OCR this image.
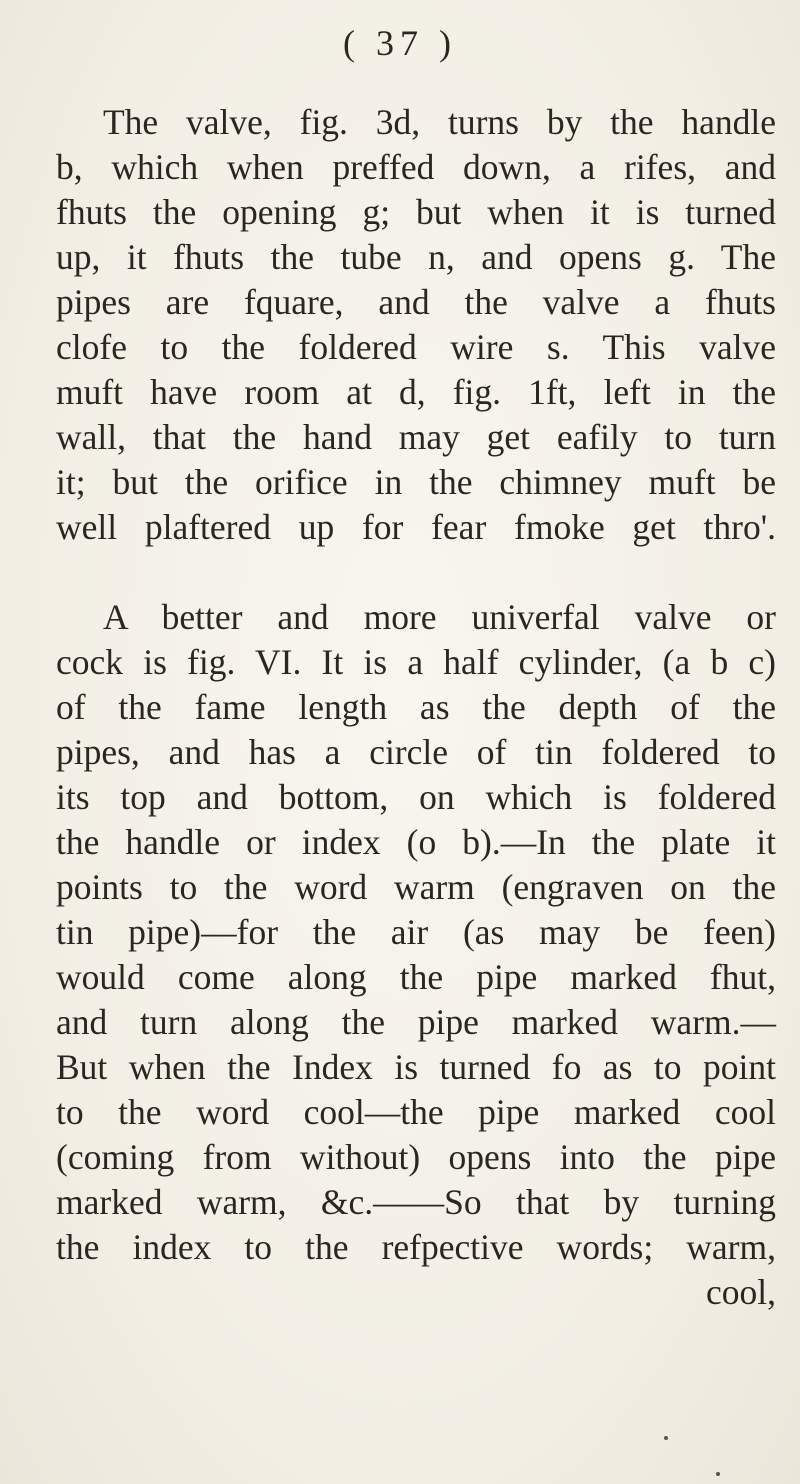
( 37 )
The valve, fig. 3d, turns by the handle
b, which when preffed down, a rifes, and
fhuts the opening g; but when it is turned
up, it fhuts the tube n, and opens g. The
pipes are fquare, and the valve a fhuts
clofe to the foldered wire s. This valve
muft have room at d, fig. 1ft, left in the
wall, that the hand may get eafily to turn
it; but the orifice in the chimney muft be
well plaftered up for fear fmoke get thro'.
A better and more univerfal valve or
cock is fig. VI. It is a half cylinder, (a b c)
of the fame length as the depth of the
pipes, and has a circle of tin foldered to
its top and bottom, on which is foldered
the handle or index (o b).—In the plate it
points to the word warm (engraven on the
tin pipe)—for the air (as may be feen)
would come along the pipe marked fhut,
and turn along the pipe marked warm.—
But when the Index is turned fo as to point
to the word cool—the pipe marked cool
(coming from without) opens into the pipe
marked warm, &c.——So that by turning
the index to the refpective words; warm,
cool,
